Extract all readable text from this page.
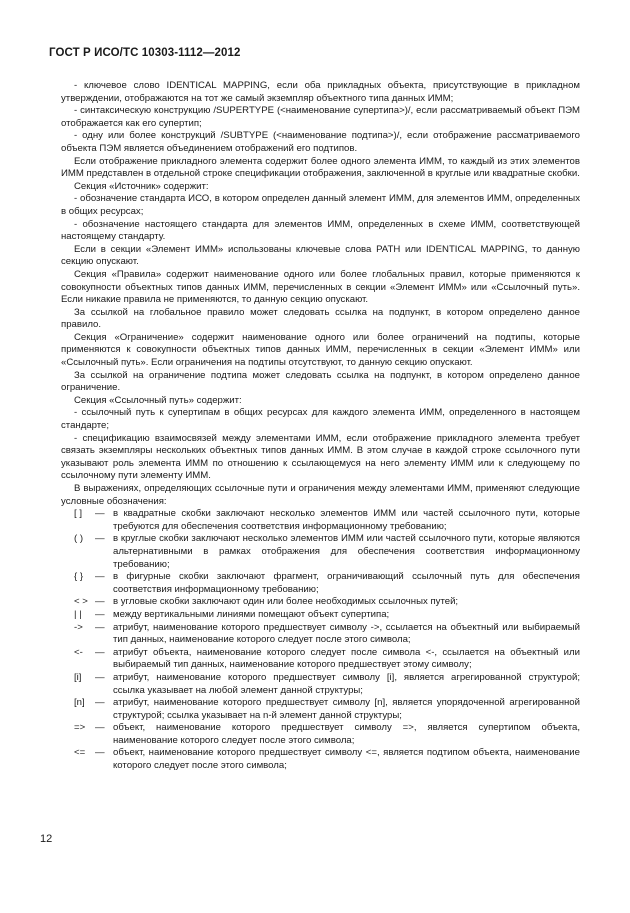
ГОСТ Р ИСО/ТС 10303-1112—2012

- ключевое слово IDENTICAL MAPPING, если оба прикладных объекта, присутствующие в прикладном утверждении, отображаются на тот же самый экземпляр объектного типа данных ИММ;

- синтаксическую конструкцию /SUPERTYPE (<наименование супертипа>)/, если рассматриваемый объект ПЭМ отображается как его супертип;

- одну или более конструкций /SUBTYPE (<наименование подтипа>)/, если отображение рассматриваемого объекта ПЭМ является объединением отображений его подтипов.

Если отображение прикладного элемента содержит более одного элемента ИММ, то каждый из этих элементов ИММ представлен в отдельной строке спецификации отображения, заключенной в круглые или квадратные скобки.

Секция «Источник» содержит:

- обозначение стандарта ИСО, в котором определен данный элемент ИММ, для элементов ИММ, определенных в общих ресурсах;

- обозначение настоящего стандарта для элементов ИММ, определенных в схеме ИММ, соответствующей настоящему стандарту.

Если в секции «Элемент ИММ» использованы ключевые слова PATH или IDENTICAL MAPPING, то данную секцию опускают.

Секция «Правила» содержит наименование одного или более глобальных правил, которые применяются к совокупности объектных типов данных ИММ, перечисленных в секции «Элемент ИММ» или «Ссылочный путь». Если никакие правила не применяются, то данную секцию опускают.

За ссылкой на глобальное правило может следовать ссылка на подпункт, в котором определено данное правило.

Секция «Ограничение» содержит наименование одного или более ограничений на подтипы, которые применяются к совокупности объектных типов данных ИММ, перечисленных в секции «Элемент ИММ» или «Ссылочный путь». Если ограничения на подтипы отсутствуют, то данную секцию опускают.

За ссылкой на ограничение подтипа может следовать ссылка на подпункт, в котором определено данное ограничение.

Секция «Ссылочный путь» содержит:

- ссылочный путь к супертипам в общих ресурсах для каждого элемента ИММ, определенного в настоящем стандарте;

- спецификацию взаимосвязей между элементами ИММ, если отображение прикладного элемента требует связать экземпляры нескольких объектных типов данных ИММ. В этом случае в каждой строке ссылочного пути указывают роль элемента ИММ по отношению к ссылающемуся на него элементу ИММ или к следующему по ссылочному пути элементу ИММ.

В выражениях, определяющих ссылочные пути и ограничения между элементами ИММ, применяют следующие условные обозначения:

[ ]	— в квадратные скобки заключают несколько элементов ИММ или частей ссылочного пути, которые требуются для обеспечения соответствия информационному требованию;
( )	— в круглые скобки заключают несколько элементов ИММ или частей ссылочного пути, которые являются альтернативными в рамках отображения для обеспечения соответствия информационному требованию;
{ }	— в фигурные скобки заключают фрагмент, ограничивающий ссылочный путь для обеспечения соответствия информационному требованию;
< > — в угловые скобки заключают один или более необходимых ссылочных путей;
| |	— между вертикальными линиями помещают объект супертипа;
->	— атрибут, наименование которого предшествует символу ->, ссылается на объектный или выбираемый тип данных, наименование которого следует после этого символа;
<-	— атрибут объекта, наименование которого следует после символа <-, ссылается на объектный или выбираемый тип данных, наименование которого предшествует этому символу;
[i]	— атрибут, наименование которого предшествует символу [i], является агрегированной структурой; ссылка указывает на любой элемент данной структуры;
[n]	— атрибут, наименование которого предшествует символу [n], является упорядоченной агрегированной структурой; ссылка указывает на n-й элемент данной структуры;
=>	— объект, наименование которого предшествует символу =>, является супертипом объекта, наименование которого следует после этого символа;
<=	— объект, наименование которого предшествует символу <=, является подтипом объекта, наименование которого следует после этого символа;
12
